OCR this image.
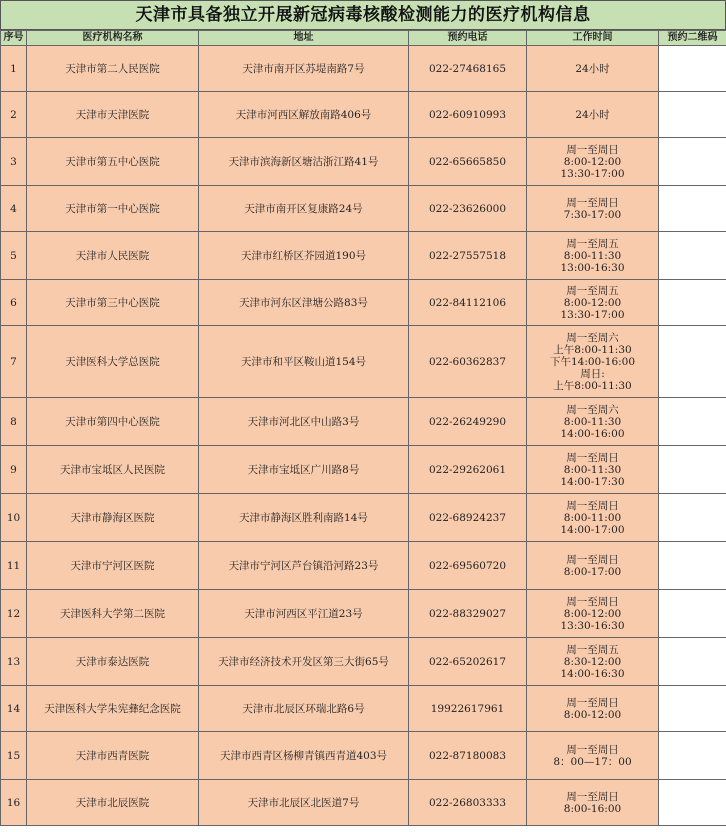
天津市具备独立开展新冠病毒核酸检测能力的医疗机构信息
序号	医疗机构名称	地址	预约电话	工作时间	预约二维码
1	天津市第二人民医院	天津市南开区苏堤南路7号	022-27468165	24小时	
2	天津市天津医院	天津市河西区解放南路406号	022-60910993	24小时	
3	天津市第五中心医院	天津市滨海新区塘沽浙江路41号	022-65665850	周一至周日
8:00-12:00
13:30-17:00	
4	天津市第一中心医院	天津市南开区复康路24号	022-23626000	周一至周日
7:30-17:00	
5	天津市人民医院	天津市红桥区芥园道190号	022-27557518	周一至周五
8:00-11:30
13:00-16:30	
6	天津市第三中心医院	天津市河东区津塘公路83号	022-84112106	周一至周五
8:00-12:00
13:30-17:00	
7	天津医科大学总医院	天津市和平区鞍山道154号	022-60362837	周一至周六
上午8:00-11:30
下午14:00-16:00
周日:
上午8:00-11:30	
8	天津市第四中心医院	天津市河北区中山路3号	022-26249290	周一至周六
8:00-11:30
14:00-16:00	
9	天津市宝坻区人民医院	天津市宝坻区广川路8号	022-29262061	周一至周日
8:00-11:30
14:00-17:30	
10	天津市静海区医院	天津市静海区胜利南路14号	022-68924237	周一至周日
8:00-11:00
14:00-17:00	
11	天津市宁河区医院	天津市宁河区芦台镇沿河路23号	022-69560720	周一至周日
8:00-17:00	
12	天津医科大学第二医院	天津市河西区平江道23号	022-88329027	周一至周日
8:00-12:00
13:30-16:30	
13	天津市泰达医院	天津市经济技术开发区第三大街65号	022-65202617	周一至周五
8:30-12:00
14:00-16:30	
14	天津医科大学朱宪彝纪念医院	天津市北辰区环瑞北路6号	19922617961	周一至周日
8:00-12:00	
15	天津市西青医院	天津市西青区杨柳青镇西青道403号	022-87180083	周一至周日
8：00—17：00	
16	天津市北辰医院	天津市北辰区北医道7号	022-26803333	周一至周日
8:00-16:00	
